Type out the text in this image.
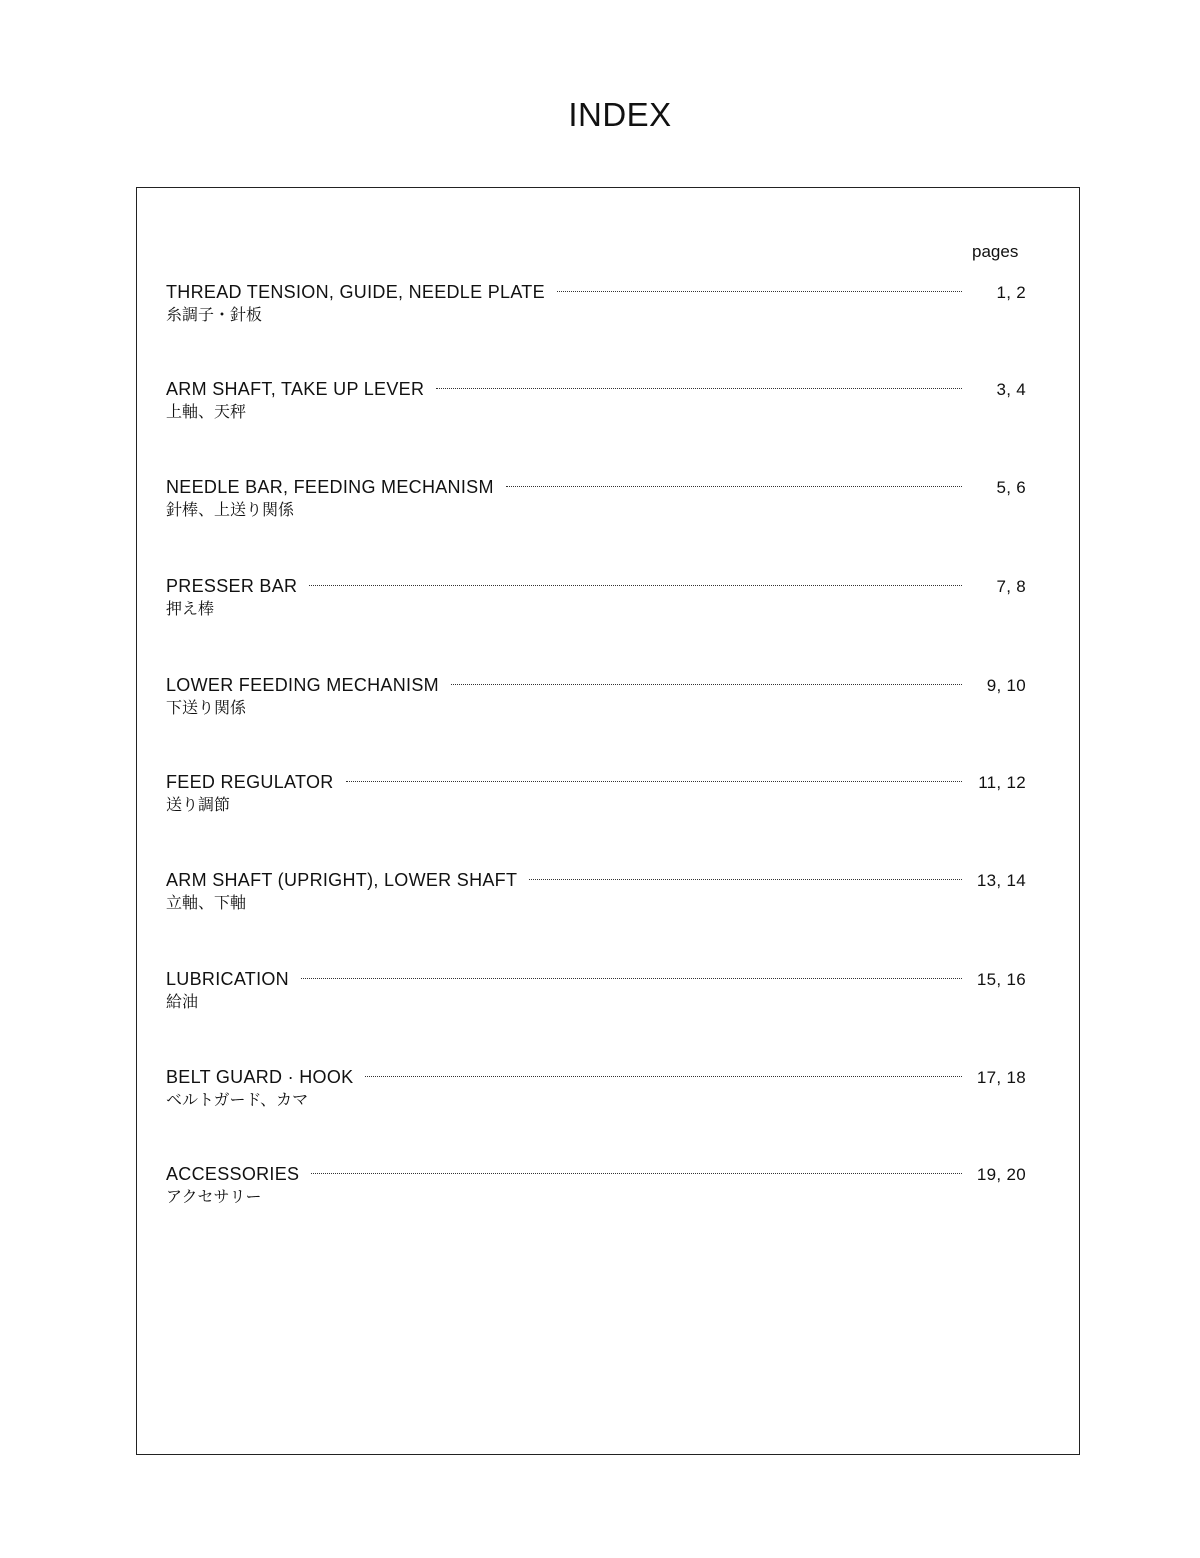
INDEX
pages
THREAD TENSION, GUIDE, NEEDLE PLATE	1, 2
糸調子・針板
ARM SHAFT, TAKE UP LEVER	3, 4
上軸、天秤
NEEDLE BAR, FEEDING MECHANISM	5, 6
針棒、上送り関係
PRESSER BAR	7, 8
押え棒
LOWER FEEDING MECHANISM	9, 10
下送り関係
FEED REGULATOR	11, 12
送り調節
ARM SHAFT (UPRIGHT), LOWER SHAFT	13, 14
立軸、下軸
LUBRICATION	15, 16
給油
BELT GUARD · HOOK	17, 18
ベルトガード、カマ
ACCESSORIES	19, 20
アクセサリー
